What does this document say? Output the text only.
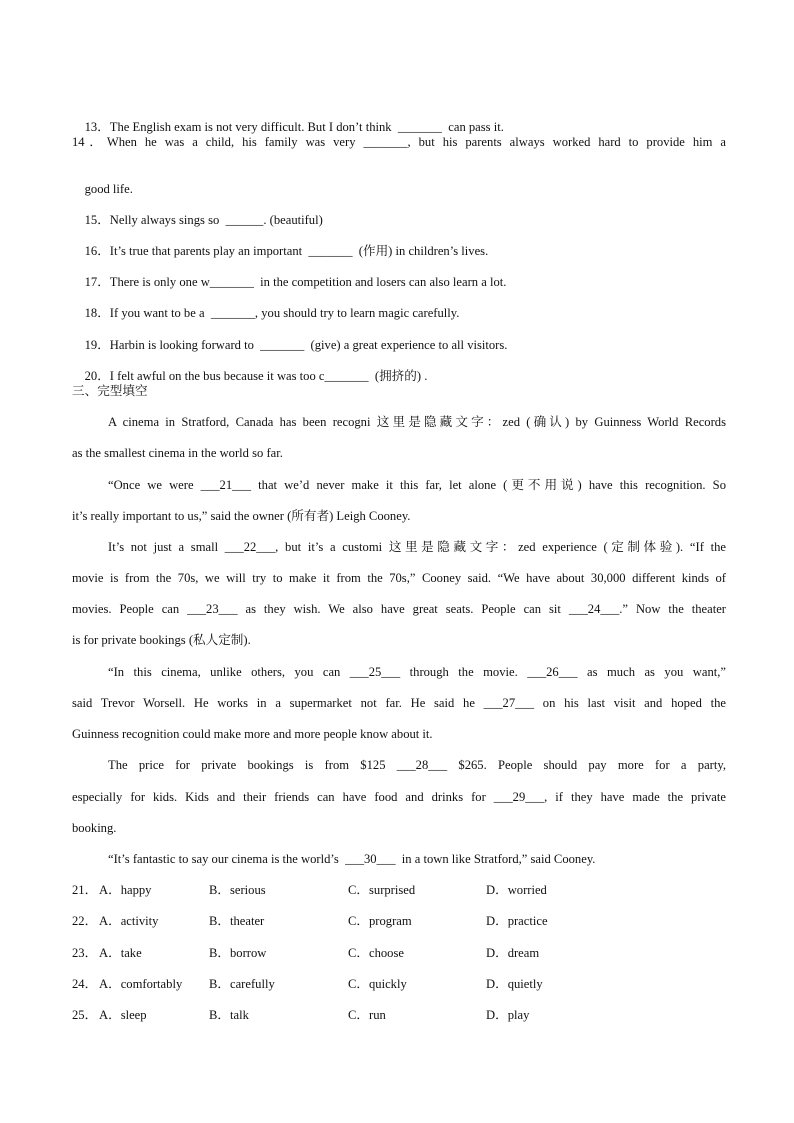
13．The English exam is not very difficult. But I don’t think  _______  can pass it.

14．When he was a child, his family was very _______, but his parents always worked hard to provide him a

good life.

15．Nelly always sings so  ______. (beautiful)

16．It’s true that parents play an important  _______  (作用) in children’s lives.

17．There is only one w_______  in the competition and losers can also learn a lot.

18．If you want to be a  _______, you should try to learn magic carefully.

19．Harbin is looking forward to  _______  (give) a great experience to all visitors.

20．I felt awful on the bus because it was too c_______  (拥挤的) .

三、完型填空
A cinema in Stratford, Canada has been recogni 这里是隐藏文字：zed (确认) by Guinness World Records
as the smallest cinema in the world so far.
“Once we were ___21___ that we’d never make it this far, let alone (更不用说) have this recognition. So
it’s really important to us,” said the owner (所有者) Leigh Cooney.
It’s not just a small ___22___, but it’s a customi 这里是隐藏文字：zed experience (定制体验). “If the
movie is from the 70s, we will try to make it from the 70s,” Cooney said. “We have about 30,000 different kinds of
movies. People can ___23___ as they wish. We also have great seats. People can sit ___24___.” Now the theater
is for private bookings (私人定制).
“In this cinema, unlike others, you can ___25___ through the movie. ___26___ as much as you want,”
said Trevor Worsell. He works in a supermarket not far. He said he ___27___ on his last visit and hoped the
Guinness recognition could make more and more people know about it.
The price for private bookings is from $125 ___28___ $265. People should pay more for a party,
especially for kids. Kids and their friends can have food and drinks for ___29___, if they have made the private
booking.
“It’s fantastic to say our cinema is the world’s  ___30___  in a town like Stratford,” said Cooney.
21． A．happy	B．serious	C．surprised	D．worried
22． A．activity	B．theater	C．program	D．practice
23． A．take	B．borrow	C．choose	D．dream
24． A．comfortably B．carefully	C．quickly	D．quietly
25． A．sleep	B．talk	C．run	D．play
